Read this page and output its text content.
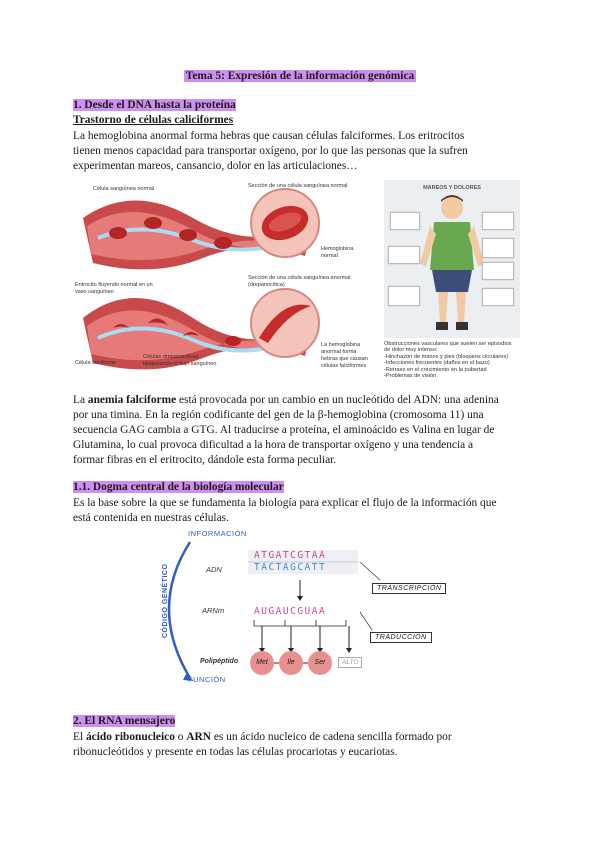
Tema 5: Expresión de la información genómica
1. Desde el DNA hasta la proteína
Trastorno de células caliciformes
La hemoglobina anormal forma hebras que causan células falciformes. Los eritrocitos
tienen menos capacidad para transportar oxígeno, por lo que las personas que la sufren
experimentan mareos, cansancio, dolor en las articulaciones…
Célula sanguínea normal	Sección de una célula sanguínea normal
Hemoglobina normal
Sección de una célula sanguínea anormal (drepanocítica)
Eritrocito fluyendo normal en un vaso sanguíneo
Células drepanocíticas bloqueando el flujo sanguíneo
La hemoglobina anormal forma hebras que causan células falciformes
Célula falciforme
MAREOS Y DOLORES
Obstrucciones vasculares que suelen ser episodios
de dolor muy intenso:
-Hinchazón de manos y pies (bloqueos circulares)
-Infecciones frecuentes (daños en el bazo)
-Retraso en el crecimiento en la pubertad
-Problemas de visión.
La anemia falciforme está provocada por un cambio en un nucleótido del ADN: una adenina
por una timina. En la región codificante del gen de la β-hemoglobina (cromosoma 11) una
secuencia GAG cambia a GTG. Al traducirse a proteína, el aminoácido es Valina en lugar de
Glutamina, lo cual provoca dificultad a la hora de transportar oxígeno y una tendencia a
formar fibras en el eritrocito, dándole esta forma peculiar.
1.1. Dogma central de la biología molecular
Es la base sobre la que se fundamenta la biología para explicar el flujo de la información que
está contenida en nuestras células.
INFORMACIÓN
FUNCIÓN
CÓDIGO GENÉTICO	ADN
ARNm
Polipéptido
ATGATCGTAA
TACTAGCATT
AUGAUCGUAA
TRANSCRIPCIÓN
TRADUCCIÓN
Met	Ile	Ser	ALTO
2. El RNA mensajero
El ácido ribonucleico o ARN es un ácido nucleico de cadena sencilla formado por
ribonucleótidos y presente en todas las células procariotas y eucariotas.
